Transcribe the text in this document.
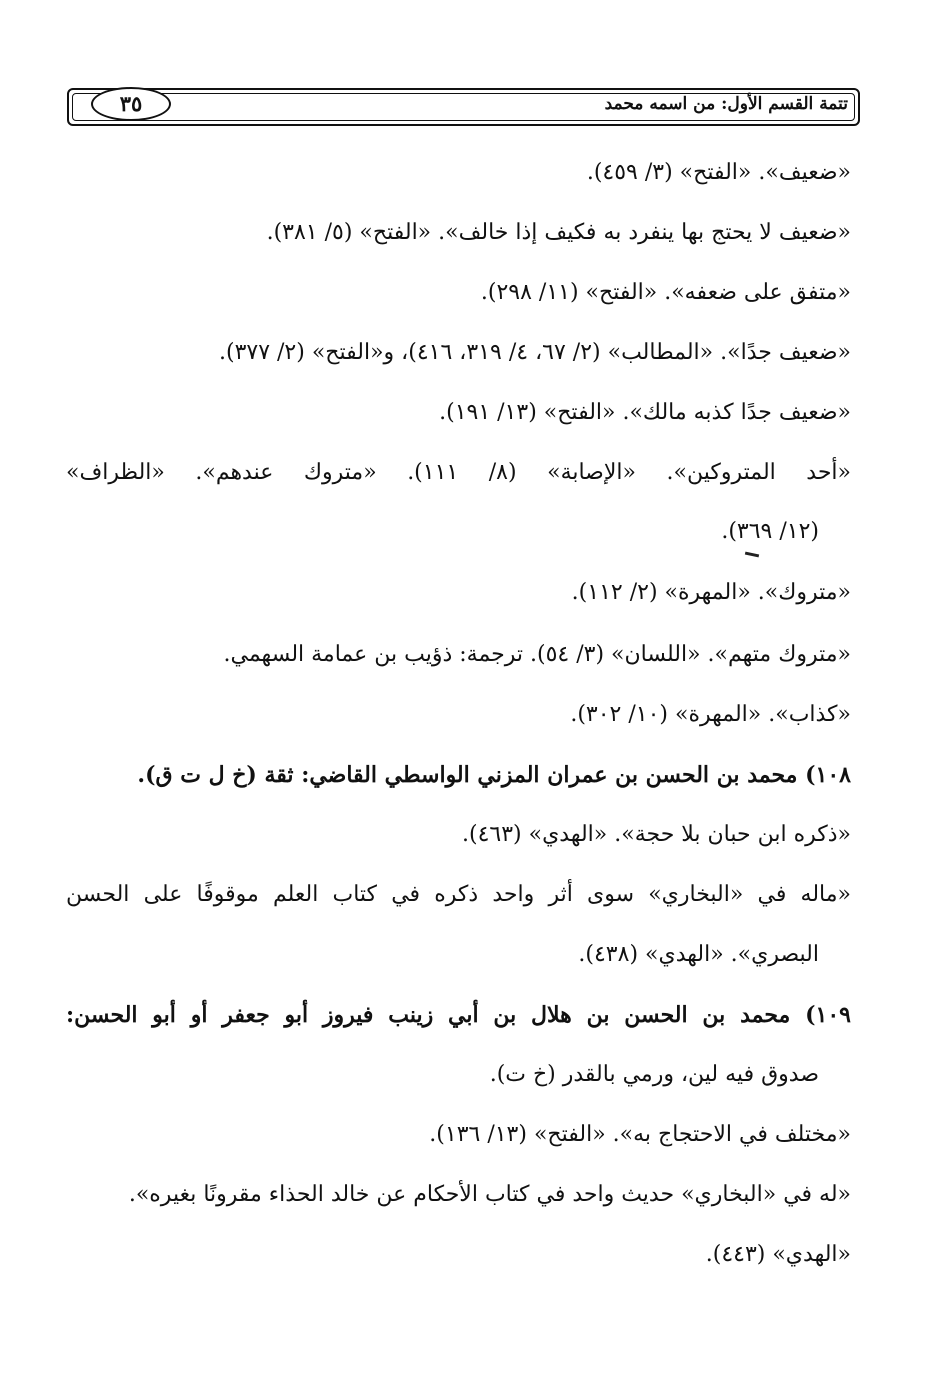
تتمة القسم الأول: من اسمه محمد
٣٥
«ضعيف». «الفتح» (٣/ ٤٥٩).
«ضعيف لا يحتج بها ينفرد به فكيف إذا خالف». «الفتح» (٥/ ٣٨١).
«متفق على ضعفه». «الفتح» (١١/ ٢٩٨).
«ضعيف جدًا». «المطالب» (٢/ ٦٧، ٤/ ٣١٩، ٤١٦)، و«الفتح» (٢/ ٣٧٧).
«ضعيف جدًا كذبه مالك». «الفتح» (١٣/ ١٩١).
«أحد المتروكين». «الإصابة» (٨/ ١١١). «متروك عندهم». «الظراف»
(١٢/ ٣٦٩).
«متروك». «المهرة» (٢/ ١١٢).
«متروك متهم». «اللسان» (٣/ ٥٤). ترجمة: ذؤيب بن عمامة السهمي.
«كذاب». «المهرة» (١٠/ ٣٠٢).
١٠٨) محمد بن الحسن بن عمران المزني الواسطي القاضي: ثقة (خ ل ت ق).
«ذكره ابن حبان بلا حجة». «الهدي» (٤٦٣).
«ماله في «البخاري» سوى أثر واحد ذكره في كتاب العلم موقوفًا على الحسن
البصري». «الهدي» (٤٣٨).
١٠٩) محمد بن الحسن بن هلال بن أبي زينب فيروز أبو جعفر أو أبو الحسن:
صدوق فيه لين، ورمي بالقدر (خ ت).
«مختلف في الاحتجاج به». «الفتح» (١٣/ ١٣٦).
«له في «البخاري» حديث واحد في كتاب الأحكام عن خالد الحذاء مقرونًا بغيره».
«الهدي» (٤٤٣).
